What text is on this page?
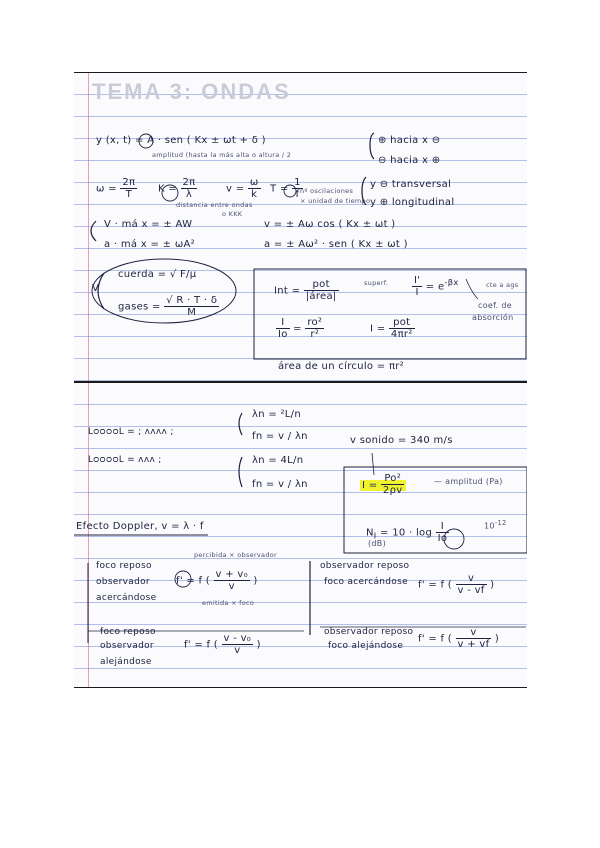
TEMA 3: ONDAS
y (x, t) = A · sen ( Kx ± ωt + δ )
amplitud (hasta la más alta o altura / 2
⊕ hacia x ⊖
⊖ hacia x ⊕
$\omega = \frac{2\pi}{T}$ $K = \frac{2\pi}{\lambda}$	$v = \frac{\omega}{k}$ $T = \frac{1}{f}$
distancia entre ondas
o KKK
nº oscilaciones
× unidad de tiempo
y ⊖ transversal
y ⊕ longitudinal
V · má x = ± AW	v = ± Aω cos ( Kx ± ωt )
a · má x = ± ωA²	a = ± Aω² · sen ( Kx ± ωt )
V
cuerda = √ F/μ
gases = $\frac{√ R \cdot T \cdot \delta}{M}$
Int = $\frac{\text{pot}}{\text{|área|}}$	superf. $\frac{I'}{I} = e^{-\beta x}$	cte a ags
coef. de
absorción
$\frac{I}{Io} = \frac{\text{ro²}}{\text{r²}}$	$I = \frac{\text{pot}}{\text{4πr²}}$
área de un círculo = πr²
ԼᴑᴑᴑᴑԼ = ; ʌʌʌʌ ;
λn = ²L/n
fn = v / λn	v sonido = 340 m/s
ԼᴑᴑᴑᴑԼ = ʌʌʌ ;	λn = 4L/n
fn = v / λn	$I = \frac{\text{Po²}}{2\rho v}$	— amplitud (Pa)
Efecto Doppler, v = λ · f
$N_I = 10 \cdot \log \frac{I}{Io}$	$10^{-12}$
(dB)
foco reposo
observador
acercándose
percibida × observador
emitida × foco
f' = f ( $\frac{\text{v + v₀}}{v}$ )
observador reposo
foco acercándose f' = f ( $\frac{v}{v - vf}$ )
foco reposo
observador
alejándose
f' = f ( $\frac{\text{v - v₀}}{v}$ )
observador reposo
foco alejándose
f' = f ( $\frac{v}{v + vf}$ )
